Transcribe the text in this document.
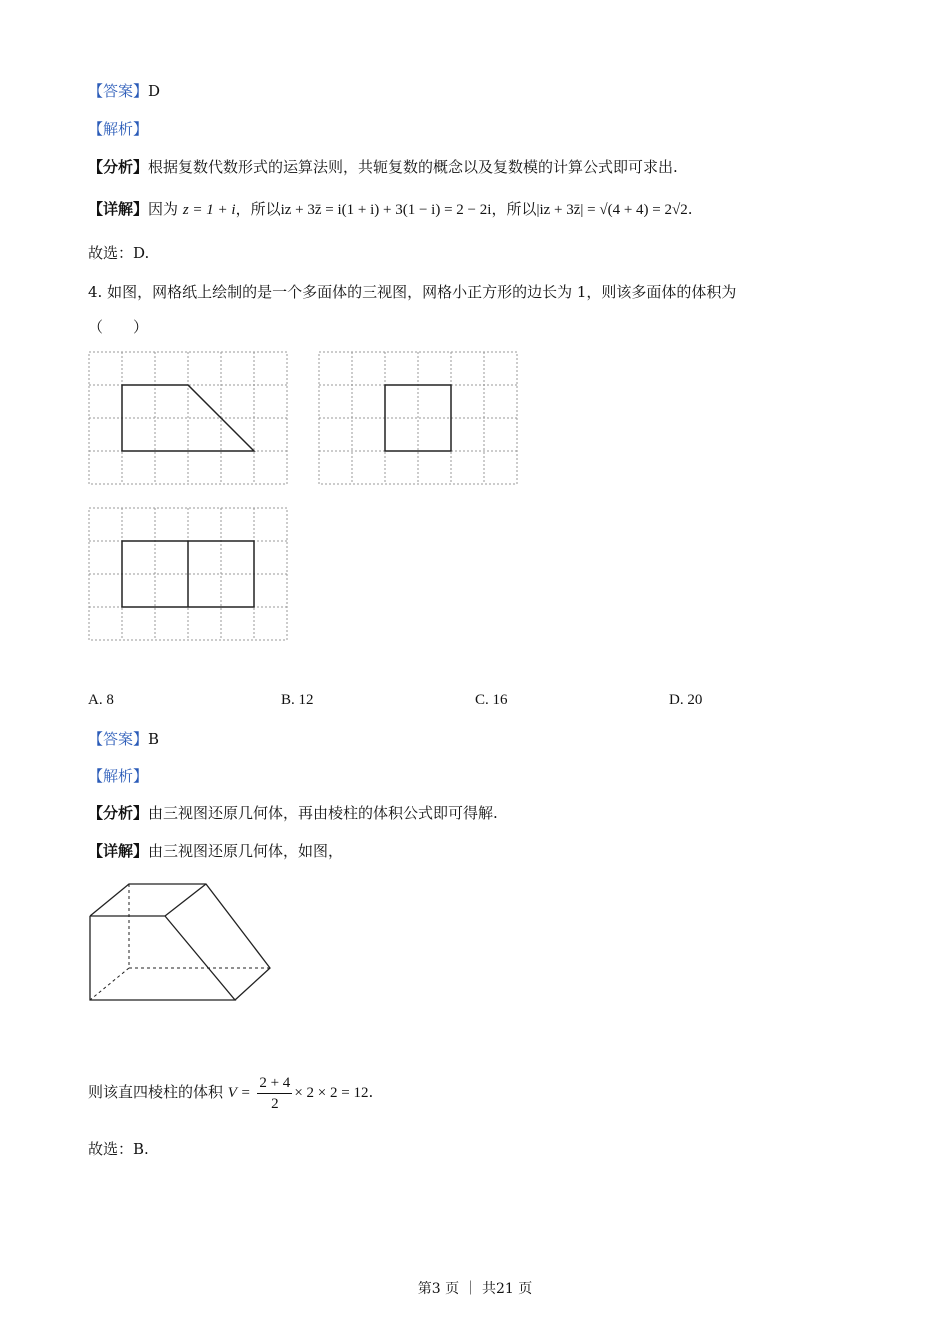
【答案】D
【解析】
【分析】根据复数代数形式的运算法则，共轭复数的概念以及复数模的计算公式即可求出.
【详解】因为 z = 1 + i，所以iz + 3z̄ = i(1 + i) + 3(1 − i) = 2 − 2i，所以|iz + 3z̄| = √(4 + 4) = 2√2.
故选：D.
4. 如图，网格纸上绘制的是一个多面体的三视图，网格小正方形的边长为 1，则该多面体的体积为
（　　）
A. 8	B. 12	C. 16	D. 20
【答案】B
【解析】
【分析】由三视图还原几何体，再由棱柱的体积公式即可得解.
【详解】由三视图还原几何体，如图，
则该直四棱柱的体积 $V = \frac{2 + 4}{2} \times 2 \times 2 = 12$.
故选：B.
第3 页 ｜ 共21 页
